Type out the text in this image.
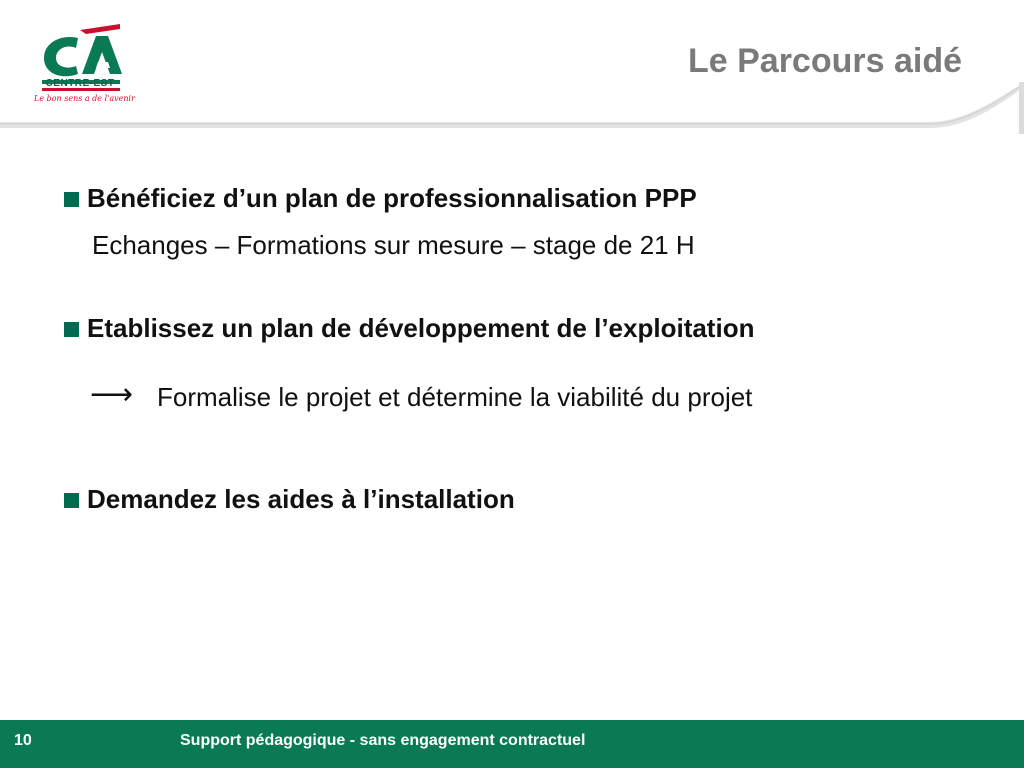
CENTRE-EST
Le bon sens a de l'avenir
Le Parcours aidé
Bénéficiez d’un plan de professionnalisation PPP
Echanges – Formations sur mesure – stage de 21 H
Etablissez un plan de développement de l’exploitation
⟶ Formalise le projet et détermine la viabilité du projet
Demandez les aides à l’installation
10	Support pédagogique - sans engagement contractuel
